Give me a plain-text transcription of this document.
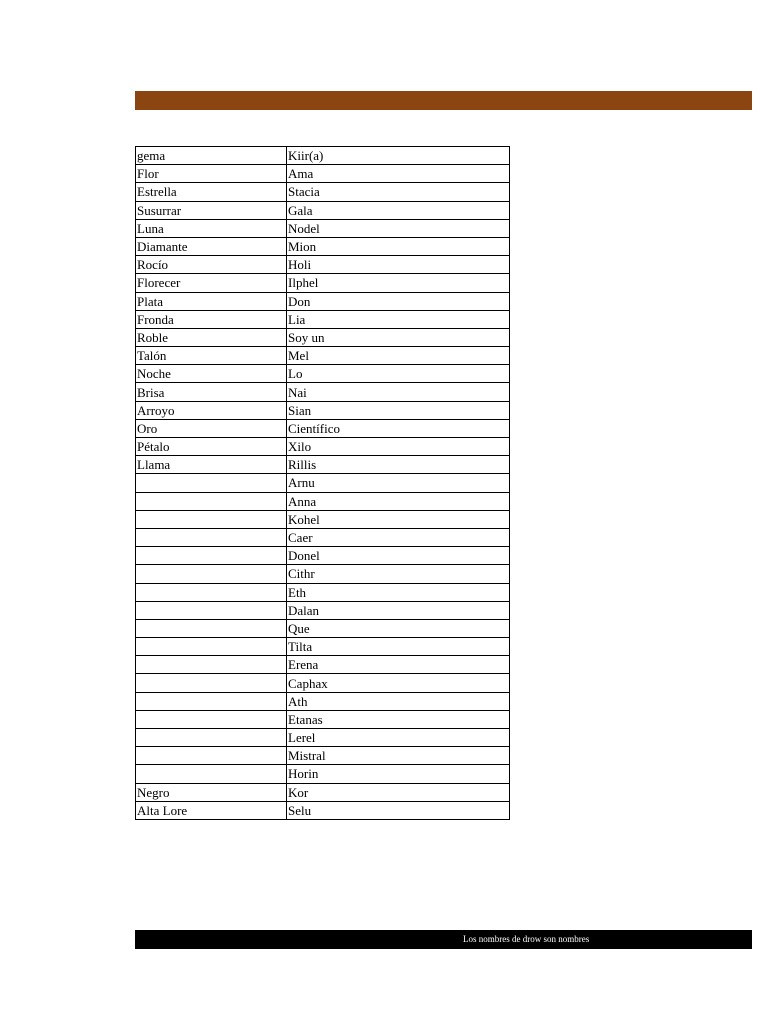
gema	Kiir(a)
Flor	Ama
Estrella	Stacia
Susurrar	Gala
Luna	Nodel
Diamante	Mion
Rocío	Holi
Florecer	Ilphel
Plata	Don
Fronda	Lia
Roble	Soy un
Talón	Mel
Noche	Lo
Brisa	Nai
Arroyo	Sian
Oro	Científico
Pétalo	Xilo
Llama	Rillis
	Arnu
	Anna
	Kohel
	Caer
	Donel
	Cithr
	Eth
	Dalan
	Que
	Tilta
	Erena
	Caphax
	Ath
	Etanas
	Lerel
	Mistral
	Horin
Negro	Kor
Alta Lore	Selu
Los nombres de drow son nombres
